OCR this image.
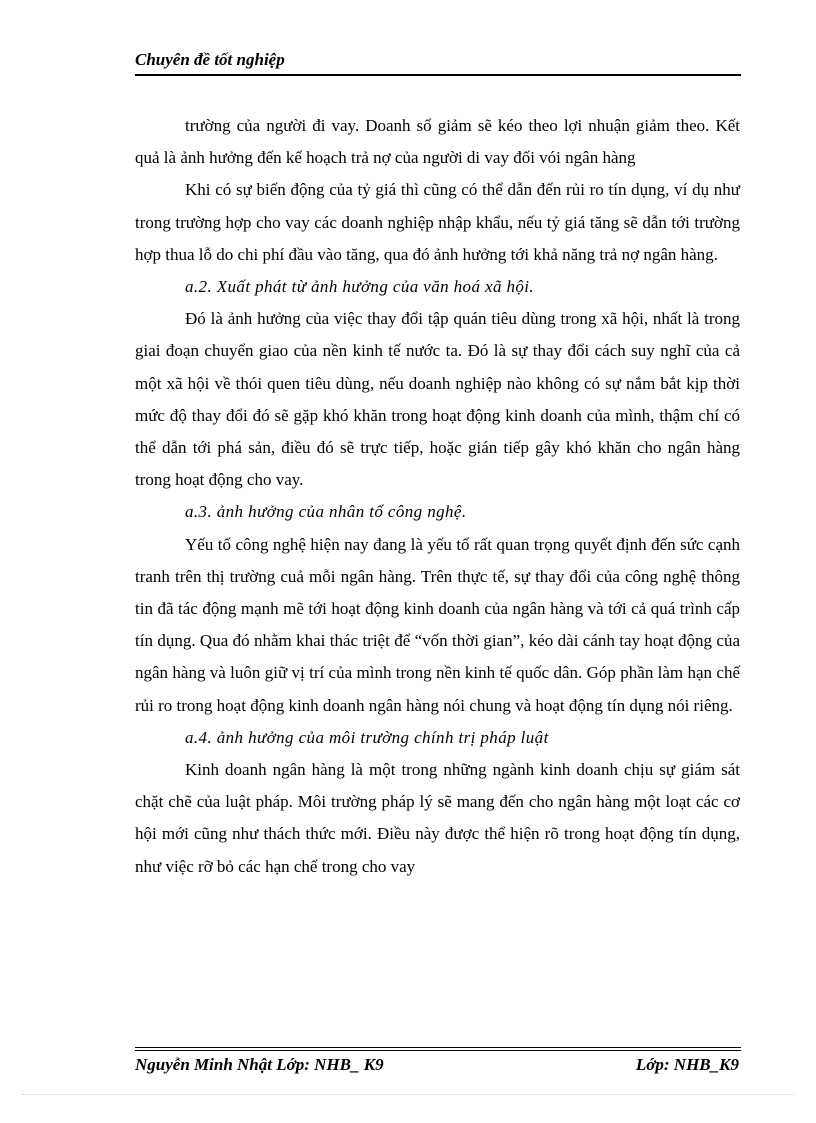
Chuyên đề tốt nghiệp

trường của người đi vay. Doanh số giảm sẽ kéo theo lợi nhuận giảm theo. Kết quả là ảnh hưởng đến kế hoạch trả nợ của người di vay đối vói ngân hàng

Khi có sự biến động của tỷ giá thì cũng có thể dẫn đến rủi ro tín dụng, ví dụ như trong trường hợp cho vay các doanh nghiệp nhập khẩu, nếu tỷ giá tăng sẽ dẫn tới trường hợp thua lỗ do chi phí đầu vào tăng, qua đó ảnh hưởng tới khả năng trả nợ ngân hàng.

a.2. Xuất phát từ ảnh hưởng của văn hoá xã hội.

Đó là ảnh hưởng của việc thay đổi tập quán tiêu dùng trong xã hội, nhất là trong giai đoạn chuyển giao của nền kinh tế nước ta. Đó là sự thay đổi cách suy nghĩ của cả một xã hội về thói quen tiêu dùng, nếu doanh nghiệp nào không có sự nắm bắt kịp thời mức độ thay đổi đó sẽ gặp khó khăn trong hoạt động kinh doanh của mình, thậm chí có thể dẫn tới phá sản, điều đó sẽ trực tiếp, hoặc gián tiếp gây khó khăn cho ngân hàng trong hoạt động cho vay.

a.3. ảnh hưởng của nhân tố công nghệ.

Yếu tố công nghệ hiện nay đang là yếu tố rất quan trọng quyết định đến sức cạnh tranh trên thị trường cuả mỗi ngân hàng. Trên thực tế, sự thay đổi của công nghệ thông tin đã tác động mạnh mẽ tới hoạt động kinh doanh của ngân hàng và tới cả quá trình cấp tín dụng. Qua đó nhằm khai thác triệt để “vốn thời gian”, kéo dài cánh tay hoạt động của ngân hàng và luôn giữ vị trí của mình trong nền kinh tế quốc dân. Góp phần làm hạn chế rủi ro trong hoạt động kinh doanh ngân hàng nói chung và hoạt động tín dụng nói riêng.

a.4. ảnh hưởng của môi trường chính trị pháp luật

Kinh doanh ngân hàng là một trong những ngành kinh doanh chịu sự giám sát chặt chẽ của luật pháp. Môi trường pháp lý sẽ mang đến cho ngân hàng một loạt các cơ hội mới cũng như thách thức mới. Điều này được thể hiện rõ trong hoạt động tín dụng, như việc rỡ bỏ các hạn chế trong cho vay

Nguyễn Minh Nhật Lớp: NHB_ K9	Lớp: NHB_K9
